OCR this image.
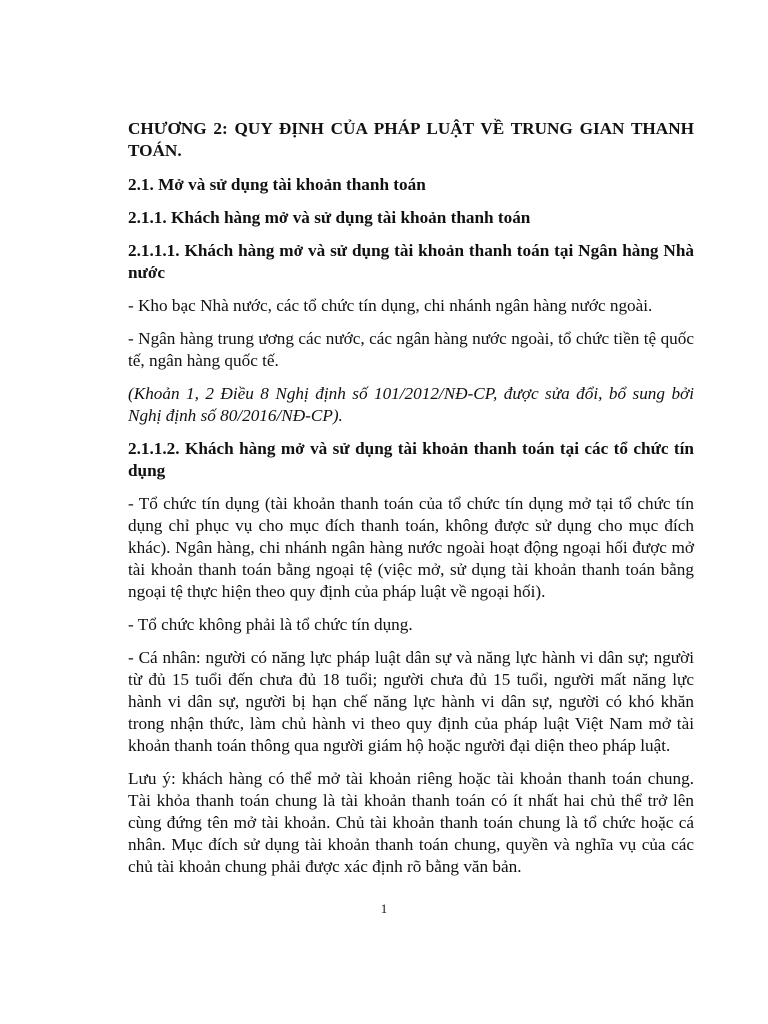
CHƯƠNG 2: QUY ĐỊNH CỦA PHÁP LUẬT VỀ TRUNG GIAN THANH TOÁN.

2.1. Mở và sử dụng tài khoản thanh toán

2.1.1. Khách hàng mở và sử dụng tài khoản thanh toán

2.1.1.1. Khách hàng mở và sử dụng tài khoản thanh toán tại Ngân hàng Nhà nước

- Kho bạc Nhà nước, các tổ chức tín dụng, chi nhánh ngân hàng nước ngoài.

- Ngân hàng trung ương các nước, các ngân hàng nước ngoài, tổ chức tiền tệ quốc tế, ngân hàng quốc tế.

(Khoản 1, 2 Điều 8 Nghị định số 101/2012/NĐ-CP, được sửa đổi, bổ sung bởi Nghị định số 80/2016/NĐ-CP).

2.1.1.2. Khách hàng mở và sử dụng tài khoản thanh toán tại các tổ chức tín dụng

- Tổ chức tín dụng (tài khoản thanh toán của tổ chức tín dụng mở tại tổ chức tín dụng chỉ phục vụ cho mục đích thanh toán, không được sử dụng cho mục đích khác). Ngân hàng, chi nhánh ngân hàng nước ngoài hoạt động ngoại hối được mở tài khoản thanh toán bằng ngoại tệ (việc mở, sử dụng tài khoản thanh toán bằng ngoại tệ thực hiện theo quy định của pháp luật về ngoại hối).

- Tổ chức không phải là tổ chức tín dụng.

- Cá nhân: người có năng lực pháp luật dân sự và năng lực hành vi dân sự; người từ đủ 15 tuổi đến chưa đủ 18 tuổi; người chưa đủ 15 tuổi, người mất năng lực hành vi dân sự, người bị hạn chế năng lực hành vi dân sự, người có khó khăn trong nhận thức, làm chủ hành vi theo quy định của pháp luật Việt Nam mở tài khoản thanh toán thông qua người giám hộ hoặc người đại diện theo pháp luật.

Lưu ý: khách hàng có thể mở tài khoản riêng hoặc tài khoản thanh toán chung. Tài khỏa thanh toán chung là tài khoản thanh toán có ít nhất hai chủ thể trở lên cùng đứng tên mở tài khoản. Chủ tài khoản thanh toán chung là tổ chức hoặc cá nhân. Mục đích sử dụng tài khoản thanh toán chung, quyền và nghĩa vụ của các chủ tài khoản chung phải được xác định rõ bằng văn bản.

1
